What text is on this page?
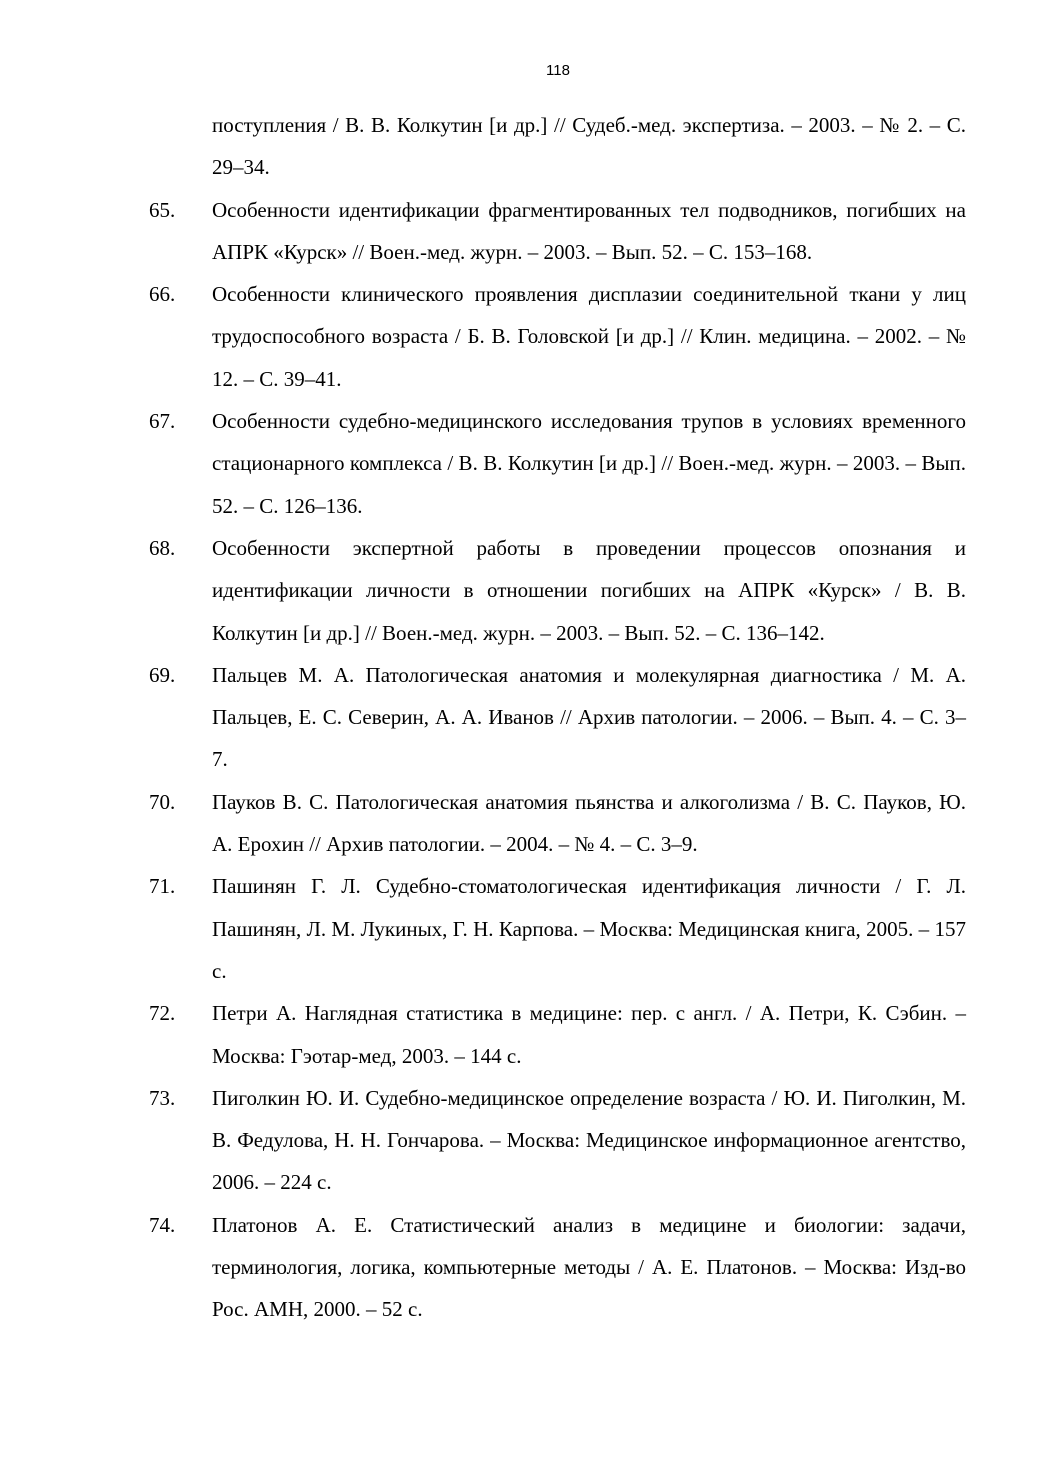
118
поступления / В. В. Колкутин [и др.] // Судеб.-мед. экспертиза. – 2003. – № 2. – С. 29–34.
65. Особенности идентификации фрагментированных тел подводников, погибших на АПРК «Курск» // Воен.-мед. журн. – 2003. – Вып. 52. – С. 153–168.
66. Особенности клинического проявления дисплазии соединительной ткани у лиц трудоспособного возраста / Б. В. Головской [и др.] // Клин. медицина. – 2002. – № 12. – С. 39–41.
67. Особенности судебно-медицинского исследования трупов в условиях временного стационарного комплекса / В. В. Колкутин [и др.] // Воен.-мед. журн. – 2003. – Вып. 52. – С. 126–136.
68. Особенности экспертной работы в проведении процессов опознания и идентификации личности в отношении погибших на АПРК «Курск» / В. В. Колкутин [и др.] // Воен.-мед. журн. – 2003. – Вып. 52. – С. 136–142.
69. Пальцев М. А. Патологическая анатомия и молекулярная диагностика / М. А. Пальцев, Е. С. Северин, А. А. Иванов // Архив патологии. – 2006. – Вып. 4. – С. 3–7.
70. Пауков В. С. Патологическая анатомия пьянства и алкоголизма / В. С. Пауков, Ю. А. Ерохин // Архив патологии. – 2004. – № 4. – С. 3–9.
71. Пашинян Г. Л. Судебно-стоматологическая идентификация личности / Г. Л. Пашинян, Л. М. Лукиных, Г. Н. Карпова. – Москва: Медицинская книга, 2005. – 157 с.
72. Петри А. Наглядная статистика в медицине: пер. с англ. / А. Петри, К. Сэбин. – Москва: Гэотар-мед, 2003. – 144 с.
73. Пиголкин Ю. И. Судебно-медицинское определение возраста / Ю. И. Пиголкин, М. В. Федулова, Н. Н. Гончарова. – Москва: Медицинское информационное агентство, 2006. – 224 с.
74. Платонов А. Е. Статистический анализ в медицине и биологии: задачи, терминология, логика, компьютерные методы / А. Е. Платонов. – Москва: Изд-во Рос. АМН, 2000. – 52 с.
